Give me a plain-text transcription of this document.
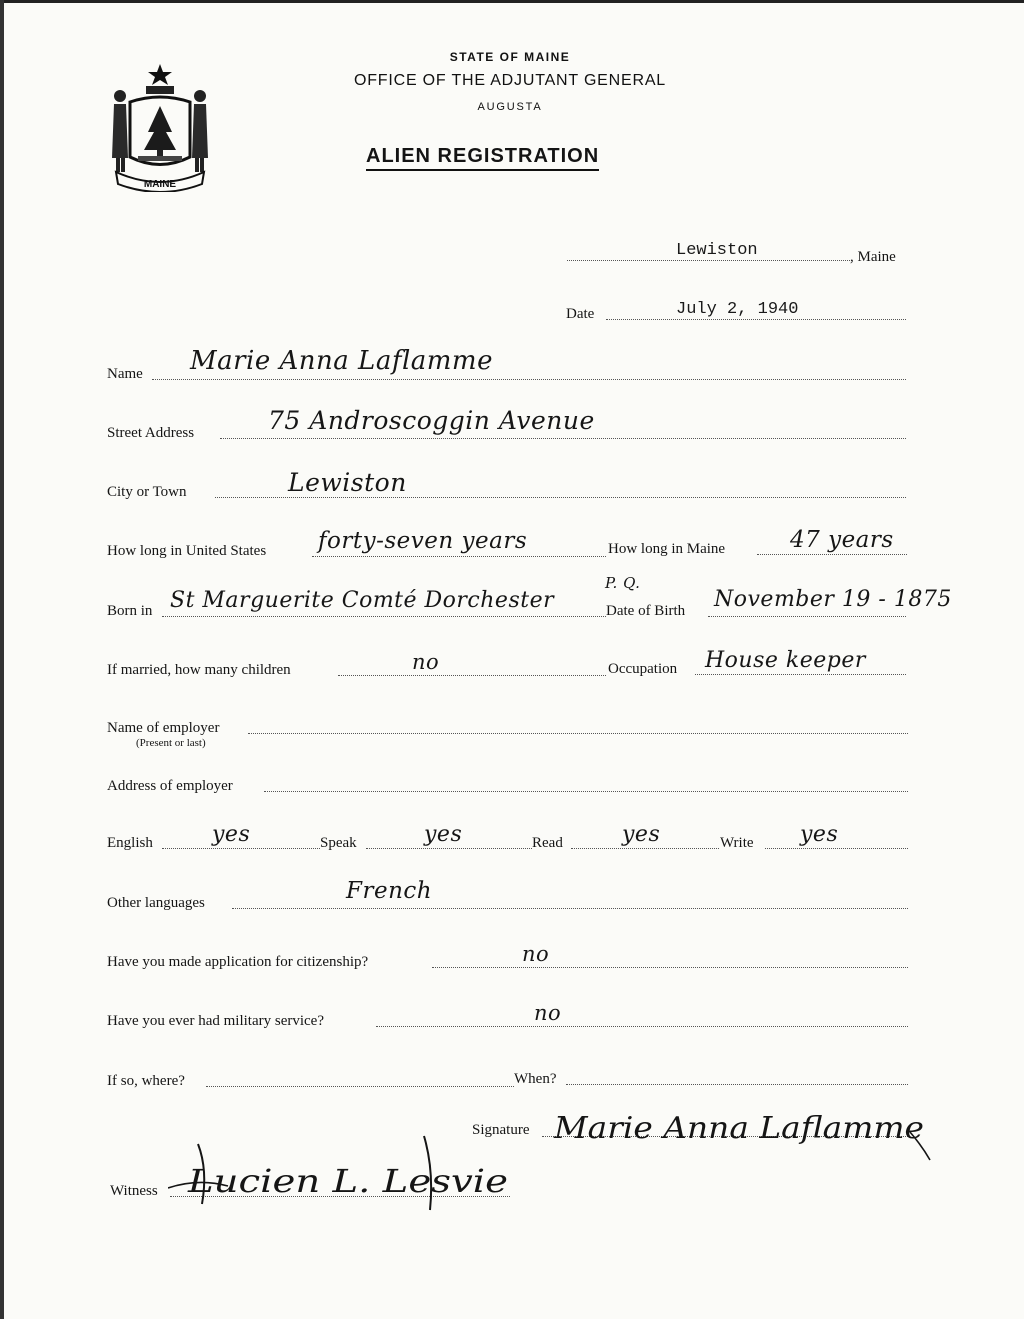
MAINE
STATE OF MAINE
OFFICE OF THE ADJUTANT GENERAL
AUGUSTA
ALIEN REGISTRATION
Lewiston	, Maine
Date	July 2, 1940
Name Marie Anna Laflamme
Street Address	75 Androscoggin Avenue
City or Town	Lewiston
How long in United States forty-seven years	How long in Maine	47 years
Born in St Marguerite Comté Dorchester
P. Q.
Date of Birth November 19 - 1875
If married, how many children	no	Occupation House keeper
Name of employer
(Present or last)
Address of employer
English	yes	Speak	yes	Read	yes	Write yes
Other languages	French
Have you made application for citizenship?	no
Have you ever had military service?	no
If so, where?	When?
Signature Marie Anna Laflamme
Witness Lucien L. Lesvie
